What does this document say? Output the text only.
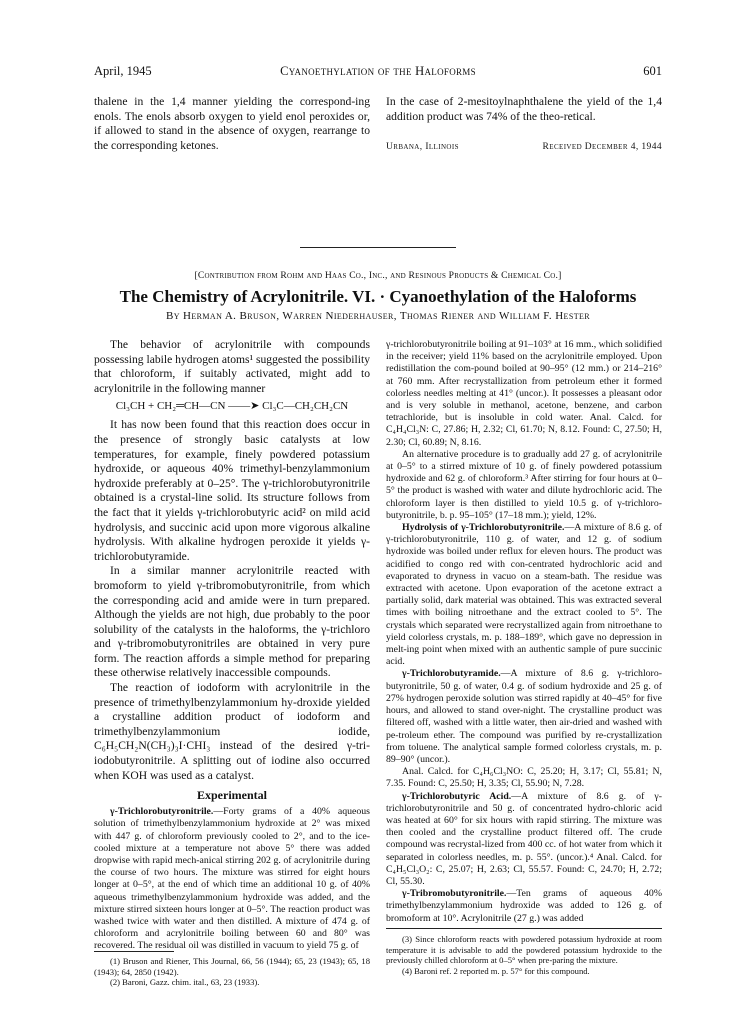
April, 1945	Cyanoethylation of the Haloforms	601

thalene in the 1,4 manner yielding the correspond-ing enols. The enols absorb oxygen to yield enol peroxides or, if allowed to stand in the absence of oxygen, rearrange to the corresponding ketones.

In the case of 2-mesitoylnaphthalene the yield of the 1,4 addition product was 74% of the theo-retical.

Urbana, Illinois	Received December 4, 1944
[Contribution from Rohm and Haas Co., Inc., and Resinous Products & Chemical Co.]
The Chemistry of Acrylonitrile. VI. · Cyanoethylation of the Haloforms
By Herman A. Bruson, Warren Niederhauser, Thomas Riener and William F. Hester

The behavior of acrylonitrile with compounds possessing labile hydrogen atoms¹ suggested the possibility that chloroform, if suitably activated, might add to acrylonitrile in the following manner

Cl₃CH + CH₂═CH—CN ——➤ Cl₃C—CH₂CH₂CN

It has now been found that this reaction does occur in the presence of strongly basic catalysts at low temperatures, for example, finely powdered potassium hydroxide, or aqueous 40% trimethyl-benzylammonium hydroxide preferably at 0–25°. The γ-trichlorobutyronitrile obtained is a crystal-line solid. Its structure follows from the fact that it yields γ-trichlorobutyric acid² on mild acid hydrolysis, and succinic acid upon more vigorous alkaline hydrolysis. With alkaline hydrogen peroxide it yields γ-trichlorobutyramide.

In a similar manner acrylonitrile reacted with bromoform to yield γ-tribromobutyronitrile, from which the corresponding acid and amide were in turn prepared. Although the yields are not high, due probably to the poor solubility of the catalysts in the haloforms, the γ-trichloro and γ-tribromobutyronitriles are obtained in very pure form. The reaction affords a simple method for preparing these otherwise relatively inaccessible compounds.

The reaction of iodoform with acrylonitrile in the presence of trimethylbenzylammonium hy-droxide yielded a crystalline addition product of iodoform and trimethylbenzylammonium iodide, C₆H₅CH₂N(CH₃)₃I·CHI₃ instead of the desired γ-tri-iodobutyronitrile. A splitting out of iodine also occurred when KOH was used as a catalyst.

Experimental

γ-Trichlorobutyronitrile.—Forty grams of a 40% aqueous solution of trimethylbenzylammonium hydroxide at 2° was mixed with 447 g. of chloroform previously cooled to 2°, and to the ice-cooled mixture at a temperature not above 5° there was added dropwise with rapid mech-anical stirring 202 g. of acrylonitrile during the course of two hours. The mixture was stirred for eight hours longer at 0–5°, at the end of which time an additional 10 g. of 40% aqueous trimethylbenzylammonium hydroxide was added, and the mixture stirred sixteen hours longer at 0–5°. The reaction product was washed twice with water and then distilled. A mixture of 474 g. of chloroform and acrylonitrile boiling between 60 and 80° was recovered. The residual oil was distilled in vacuum to yield 75 g. of

(1) Bruson and Riener, This Journal, 66, 56 (1944); 65, 23 (1943); 65, 18 (1943); 64, 2850 (1942).

(2) Baroni, Gazz. chim. ital., 63, 23 (1933).

γ-trichlorobutyronitrile boiling at 91–103° at 16 mm., which solidified in the receiver; yield 11% based on the acrylonitrile employed. Upon redistillation the com-pound boiled at 90–95° (12 mm.) or 214–216° at 760 mm. After recrystallization from petroleum ether it formed colorless needles melting at 41° (uncor.). It possesses a pleasant odor and is very soluble in methanol, acetone, benzene, and carbon tetrachloride, but is insoluble in cold water. Anal. Calcd. for C₄H₄Cl₃N: C, 27.86; H, 2.32; Cl, 61.70; N, 8.12. Found: C, 27.50; H, 2.30; Cl, 60.89; N, 8.16.

An alternative procedure is to gradually add 27 g. of acrylonitrile at 0–5° to a stirred mixture of 10 g. of finely powdered potassium hydroxide and 62 g. of chloroform.³ After stirring for four hours at 0–5° the product is washed with water and dilute hydrochloric acid. The chloroform layer is then distilled to yield 10.5 g. of γ-trichloro-butyronitrile, b. p. 95–105° (17–18 mm.); yield, 12%.

Hydrolysis of γ-Trichlorobutyronitrile.—A mixture of 8.6 g. of γ-trichlorobutyronitrile, 110 g. of water, and 12 g. of sodium hydroxide was boiled under reflux for eleven hours. The product was acidified to congo red with con-centrated hydrochloric acid and evaporated to dryness in vacuo on a steam-bath. The residue was extracted with acetone. Upon evaporation of the acetone extract a partially solid, dark material was obtained. This was extracted several times with boiling nitroethane and the extract cooled to 5°. The crystals which separated were recrystallized again from nitroethane to yield colorless crystals, m. p. 188–189°, which gave no depression in melt-ing point when mixed with an authentic sample of pure succinic acid.

γ-Trichlorobutyramide.—A mixture of 8.6 g. γ-trichloro-butyronitrile, 50 g. of water, 0.4 g. of sodium hydroxide and 25 g. of 27% hydrogen peroxide solution was stirred rapidly at 40–45° for five hours, and allowed to stand over-night. The crystalline product was filtered off, washed with a little water, then air-dried and washed with pe-troleum ether. The compound was purified by re-crystallization from toluene. The analytical sample formed colorless crystals, m. p. 89–90° (uncor.).

Anal. Calcd. for C₄H₆Cl₃NO: C, 25.20; H, 3.17; Cl, 55.81; N, 7.35. Found: C, 25.50; H, 3.35; Cl, 55.90; N, 7.28.

γ-Trichlorobutyric Acid.—A mixture of 8.6 g. of γ-trichlorobutyronitrile and 50 g. of concentrated hydro-chloric acid was heated at 60° for six hours with rapid stirring. The mixture was then cooled and the crystalline product filtered off. The crude compound was recrystal-lized from 400 cc. of hot water from which it separated in colorless needles, m. p. 55°. (uncor.).⁴ Anal. Calcd. for C₄H₅Cl₃O₂: C, 25.07; H, 2.63; Cl, 55.57. Found: C, 24.70; H, 2.72; Cl, 55.30.

γ-Tribromobutyronitrile.—Ten grams of aqueous 40% trimethylbenzylammonium hydroxide was added to 126 g. of bromoform at 10°. Acrylonitrile (27 g.) was added

(3) Since chloroform reacts with powdered potassium hydroxide at room temperature it is advisable to add the powdered potassium hydroxide to the previously chilled chloroform at 0–5° when pre-paring the mixture.

(4) Baroni ref. 2 reported m. p. 57° for this compound.
